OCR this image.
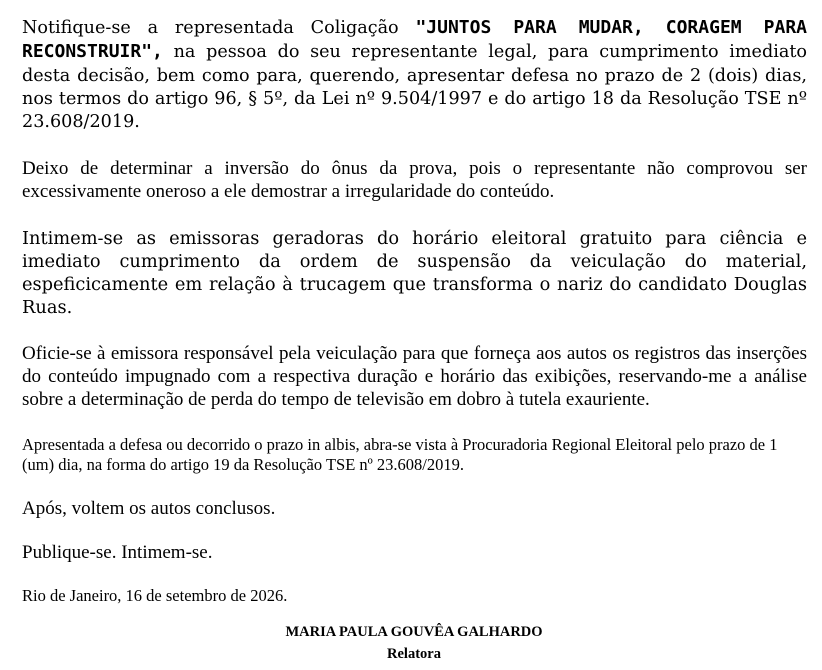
Notifique-se a representada Coligação "JUNTOS PARA MUDAR, CORAGEM PARA RECONSTRUIR", na pessoa do seu representante legal, para cumprimento imediato desta decisão, bem como para, querendo, apresentar defesa no prazo de 2 (dois) dias, nos termos do artigo 96, § 5º, da Lei nº 9.504/1997 e do artigo 18 da Resolução TSE nº 23.608/2019.

Deixo de determinar a inversão do ônus da prova, pois o representante não comprovou ser excessivamente oneroso a ele demostrar a irregularidade do conteúdo.

Intimem-se as emissoras geradoras do horário eleitoral gratuito para ciência e imediato cumprimento da ordem de suspensão da veiculação do material, espeficicamente em relação à trucagem que transforma o nariz do candidato Douglas Ruas.

Oficie-se à emissora responsável pela veiculação para que forneça aos autos os registros das inserções do conteúdo impugnado com a respectiva duração e horário das exibições, reservando-me a análise sobre a determinação de perda do tempo de televisão em dobro à tutela exauriente.

Apresentada a defesa ou decorrido o prazo in albis, abra-se vista à Procuradoria Regional Eleitoral pelo prazo de 1 (um) dia, na forma do artigo 19 da Resolução TSE nº 23.608/2019.

Após, voltem os autos conclusos.

Publique-se. Intimem-se.

Rio de Janeiro, 16 de setembro de 2026.

MARIA PAULA GOUVÊA GALHARDO
Relatora
